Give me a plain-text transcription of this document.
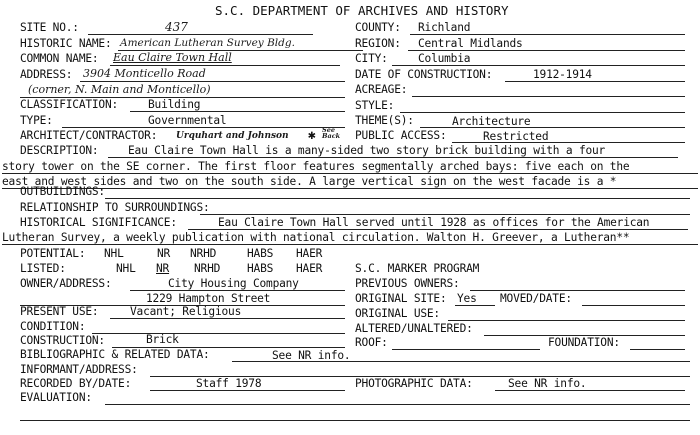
S.C. DEPARTMENT OF ARCHIVES AND HISTORY
SITE NO.:	437
HISTORIC NAME: American Lutheran Survey Bldg.
COMMON NAME: Eau Claire Town Hall
ADDRESS: 3904 Monticello Road
(corner, N. Main and Monticello)
CLASSIFICATION:	Building
TYPE:	Governmental
ARCHITECT/CONTRACTOR: Urquhart and Johnson ✱ See Back
DESCRIPTION:	Eau Claire Town Hall is a many-sided two story brick building with a four
story tower on the SE corner. The first floor features segmentally arched bays: five each on the
east and west sides and two on the south side. A large vertical sign on the west facade is a *
COUNTY: Richland
REGION: Central Midlands
CITY:	Columbia
DATE OF CONSTRUCTION:	1912-1914
ACREAGE:
STYLE:
THEME(S):	Architecture
PUBLIC ACCESS:	Restricted
OUTBUILDINGS:
RELATIONSHIP TO SURROUNDINGS:
HISTORICAL SIGNIFICANCE:	Eau Claire Town Hall served until 1928 as offices for the American
Lutheran Survey, a weekly publication with national circulation. Walton H. Greever, a Lutheran**
POTENTIAL: NHL	NR NRHD	HABS HAER
LISTED:	NHL NR NRHD HABS HAER	S.C. MARKER PROGRAM
OWNER/ADDRESS:	City Housing Company
1229 Hampton Street
PREVIOUS OWNERS:
ORIGINAL SITE: Yes MOVED/DATE:
PRESENT USE:	Vacant; Religious	ORIGINAL USE:
CONDITION:	ALTERED/UNALTERED:
CONSTRUCTION:	Brick	ROOF:	FOUNDATION:
BIBLIOGRAPHIC & RELATED DATA:	See NR info.
INFORMANT/ADDRESS:
RECORDED BY/DATE:	Staff 1978	PHOTOGRAPHIC DATA:	See NR info.
EVALUATION:
